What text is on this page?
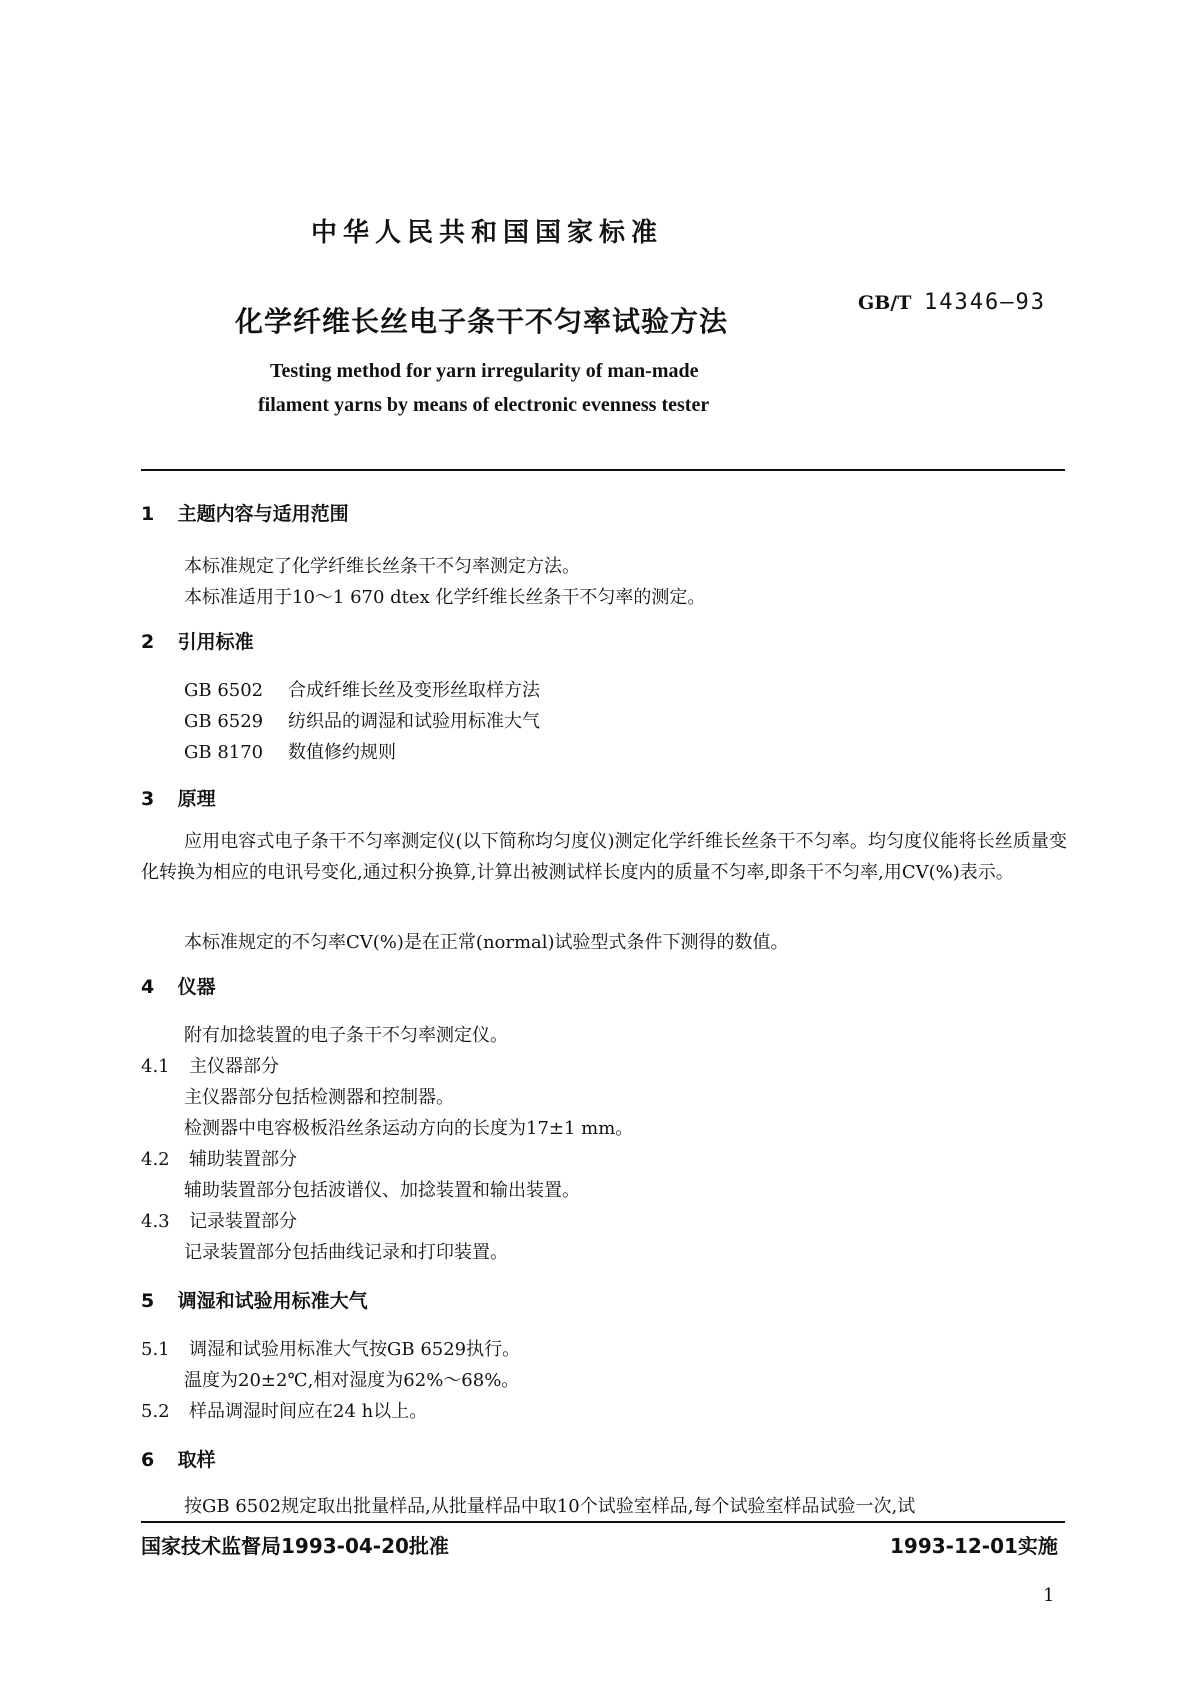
中华人民共和国国家标准
化学纤维长丝电子条干不匀率试验方法
GB/T 14346—93
Testing method for yarn irregularity of man-made
filament yarns by means of electronic evenness tester
1 主题内容与适用范围
本标准规定了化学纤维长丝条干不匀率测定方法。
本标准适用于10～1 670 dtex 化学纤维长丝条干不匀率的测定。
2 引用标准
GB 6502 合成纤维长丝及变形丝取样方法
GB 6529 纺织品的调湿和试验用标准大气
GB 8170 数值修约规则
3 原理
应用电容式电子条干不匀率测定仪(以下简称均匀度仪)测定化学纤维长丝条干不匀率。均匀度仪能将长丝质量变化转换为相应的电讯号变化,通过积分换算,计算出被测试样长度内的质量不匀率,即条干不匀率,用CV(%)表示。
本标准规定的不匀率CV(%)是在正常(normal)试验型式条件下测得的数值。
4 仪器
附有加捻装置的电子条干不匀率测定仪。
4.1 主仪器部分
主仪器部分包括检测器和控制器。
检测器中电容极板沿丝条运动方向的长度为17±1 mm。
4.2 辅助装置部分
辅助装置部分包括波谱仪、加捻装置和输出装置。
4.3 记录装置部分
记录装置部分包括曲线记录和打印装置。
5 调湿和试验用标准大气
5.1 调湿和试验用标准大气按GB 6529执行。
温度为20±2℃,相对湿度为62%～68%。
5.2 样品调湿时间应在24 h以上。
6 取样
按GB 6502规定取出批量样品,从批量样品中取10个试验室样品,每个试验室样品试验一次,试
国家技术监督局1993-04-20批准	1993-12-01实施
1
